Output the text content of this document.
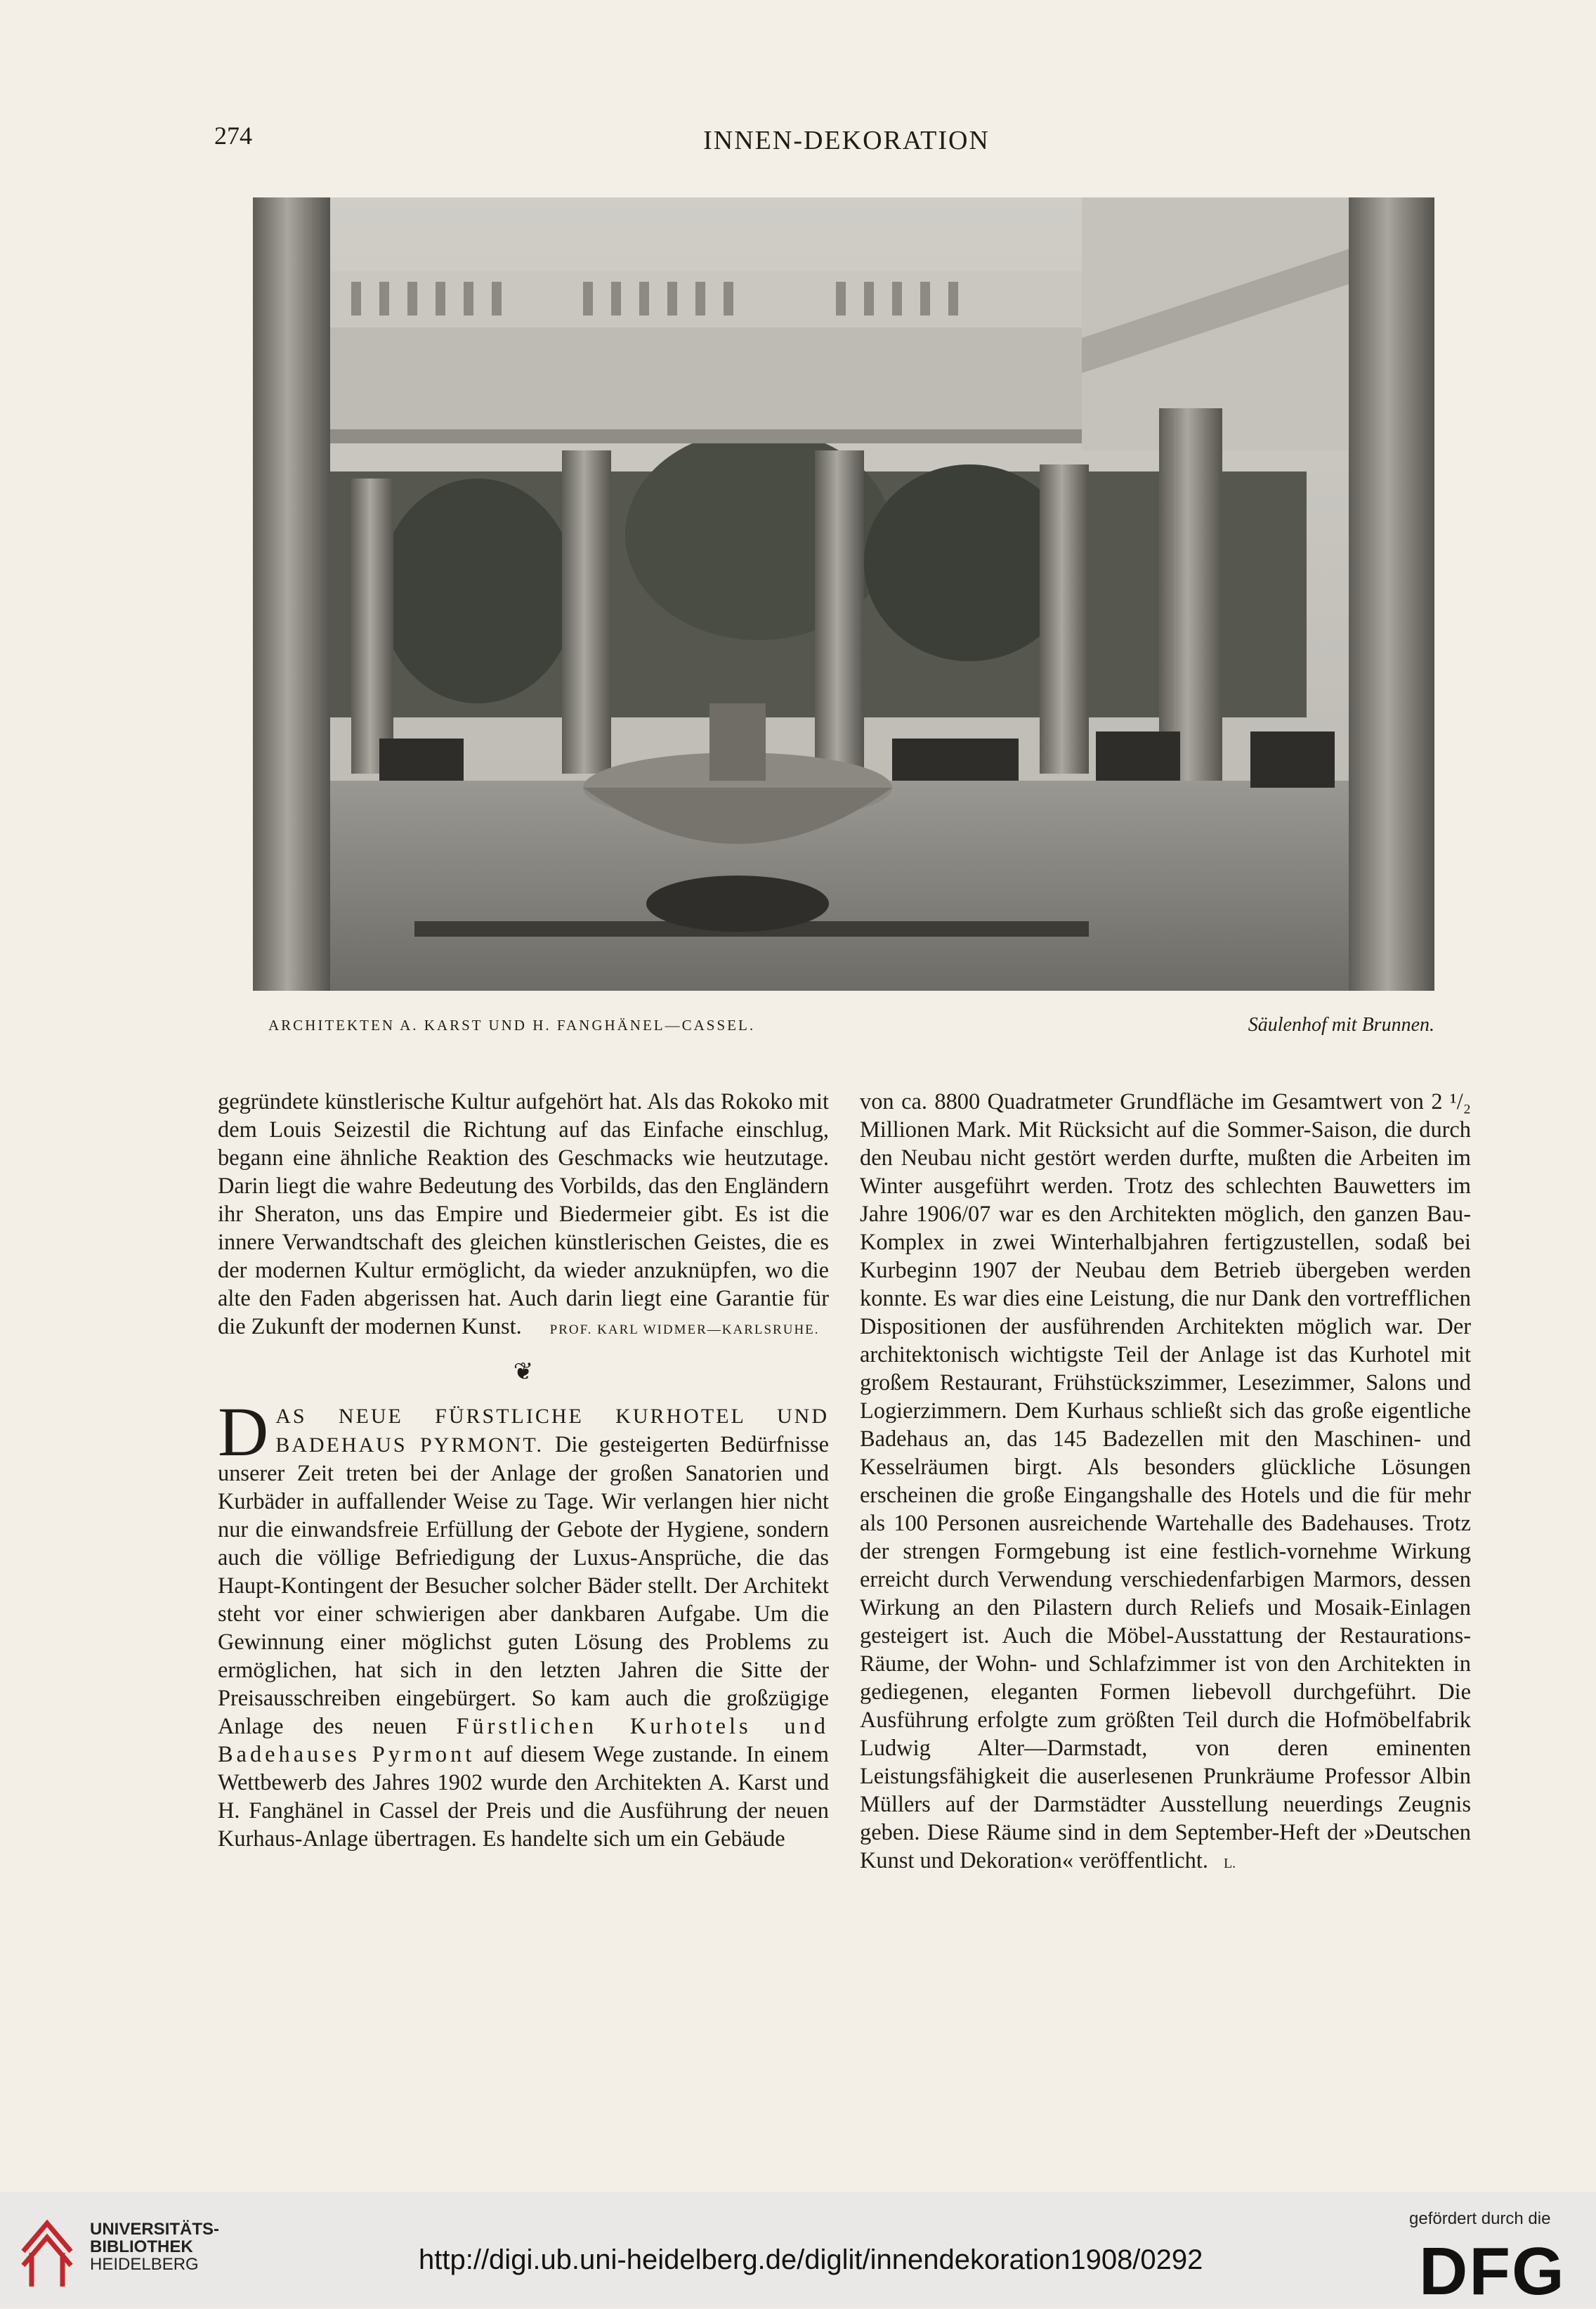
274	INNEN-DEKORATION
ARCHITEKTEN A. KARST UND H. FANGHÄNEL—CASSEL.	Säulenhof mit Brunnen.

gegründete künstlerische Kultur aufgehört hat. Als das Rokoko mit dem Louis Seizestil die Richtung auf das Einfache einschlug, begann eine ähnliche Reaktion des Geschmacks wie heutzutage. Darin liegt die wahre Bedeutung des Vorbilds, das den Engländern ihr Sheraton, uns das Empire und Biedermeier gibt. Es ist die innere Verwandtschaft des gleichen künstlerischen Geistes, die es der modernen Kultur ermöglicht, da wieder anzuknüpfen, wo die alte den Faden abgerissen hat. Auch darin liegt eine Garantie für die Zukunft der modernen Kunst. PROF. KARL WIDMER—KARLSRUHE.

❦

DAS NEUE FÜRSTLICHE KURHOTEL UND BADEHAUS PYRMONT. Die gesteigerten Bedürfnisse unserer Zeit treten bei der Anlage der großen Sanatorien und Kurbäder in auffallender Weise zu Tage. Wir verlangen hier nicht nur die einwandsfreie Erfüllung der Gebote der Hygiene, sondern auch die völlige Befriedigung der Luxus-Ansprüche, die das Haupt-Kontingent der Besucher solcher Bäder stellt. Der Architekt steht vor einer schwierigen aber dankbaren Aufgabe. Um die Gewinnung einer möglichst guten Lösung des Problems zu ermöglichen, hat sich in den letzten Jahren die Sitte der Preisausschreiben eingebürgert. So kam auch die großzügige Anlage des neuen Fürstlichen Kurhotels und Badehauses Pyrmont auf diesem Wege zustande. In einem Wettbewerb des Jahres 1902 wurde den Architekten A. Karst und H. Fanghänel in Cassel der Preis und die Ausführung der neuen Kurhaus-Anlage übertragen. Es handelte sich um ein Gebäude

von ca. 8800 Quadratmeter Grundfläche im Gesamtwert von 2 ¹/₂ Millionen Mark. Mit Rücksicht auf die Sommer-Saison, die durch den Neubau nicht gestört werden durfte, mußten die Arbeiten im Winter ausgeführt werden. Trotz des schlechten Bauwetters im Jahre 1906/07 war es den Architekten möglich, den ganzen Bau-Komplex in zwei Winterhalbjahren fertigzustellen, sodaß bei Kurbeginn 1907 der Neubau dem Betrieb übergeben werden konnte. Es war dies eine Leistung, die nur Dank den vortrefflichen Dispositionen der ausführenden Architekten möglich war. Der architektonisch wichtigste Teil der Anlage ist das Kurhotel mit großem Restaurant, Frühstückszimmer, Lesezimmer, Salons und Logierzimmern. Dem Kurhaus schließt sich das große eigentliche Badehaus an, das 145 Badezellen mit den Maschinen- und Kesselräumen birgt. Als besonders glückliche Lösungen erscheinen die große Eingangshalle des Hotels und die für mehr als 100 Personen ausreichende Wartehalle des Badehauses. Trotz der strengen Formgebung ist eine festlich-vornehme Wirkung erreicht durch Verwendung verschiedenfarbigen Marmors, dessen Wirkung an den Pilastern durch Reliefs und Mosaik-Einlagen gesteigert ist. Auch die Möbel-Ausstattung der Restaurations-Räume, der Wohn- und Schlafzimmer ist von den Architekten in gediegenen, eleganten Formen liebevoll durchgeführt. Die Ausführung erfolgte zum größten Teil durch die Hofmöbelfabrik Ludwig Alter—Darmstadt, von deren eminenten Leistungsfähigkeit die auserlesenen Prunkräume Professor Albin Müllers auf der Darmstädter Ausstellung neuerdings Zeugnis geben. Diese Räume sind in dem September-Heft der »Deutschen Kunst und Dekoration« veröffentlicht. L.

UNIVERSITÄTS-
BIBLIOTHEK
HEIDELBERG	http://digi.ub.uni-heidelberg.de/diglit/innendekoration1908/0292
gefördert durch die
DFG
